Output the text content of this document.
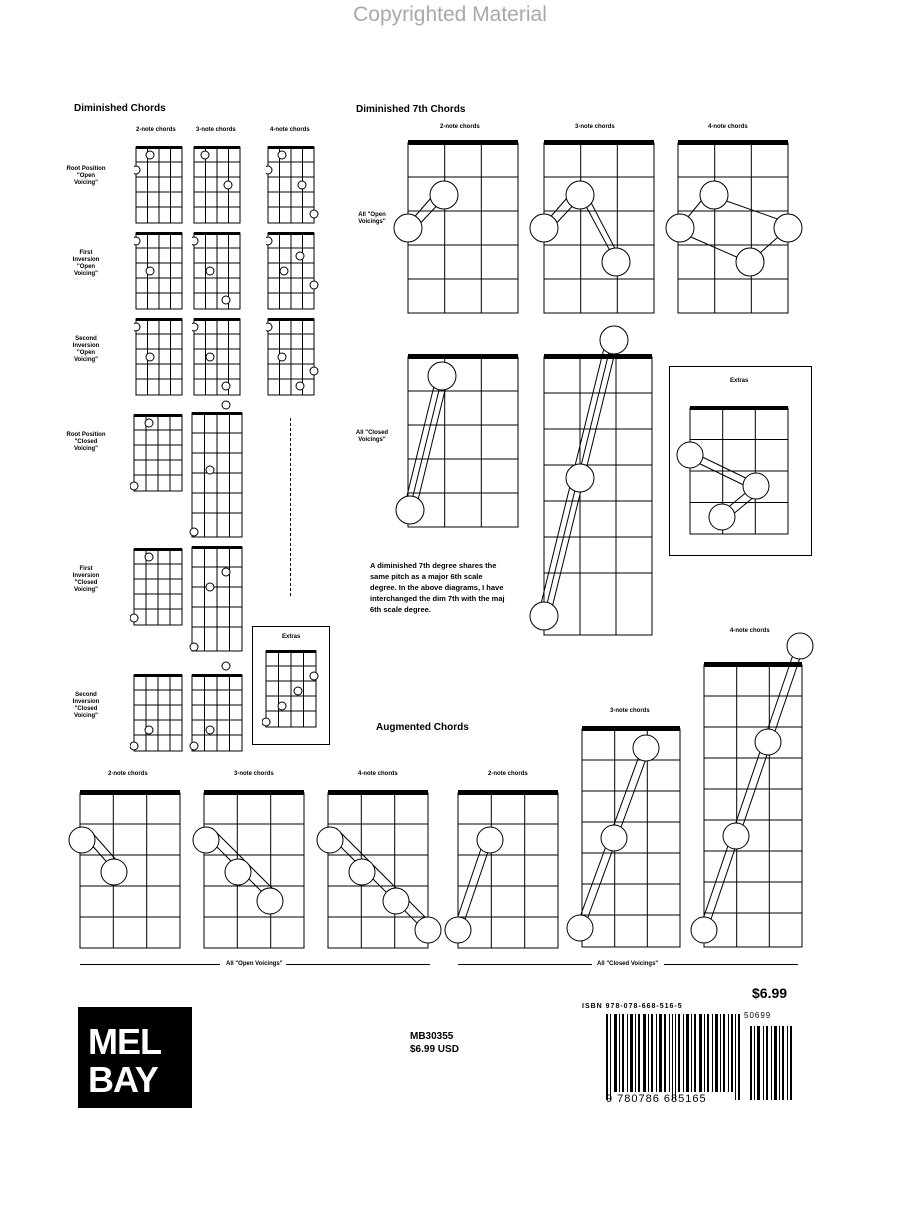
Copyrighted Material
Diminished Chords
2-note chords	3-note chords	4-note chords
Root Position "Open Voicing"
First Inversion "Open Voicing"
Second Inversion "Open Voicing"
Root Position "Closed Voicing"
First Inversion "Closed Voicing"
Second Inversion "Closed Voicing"
Extras
Diminished 7th Chords
2-note chords	3-note chords	4-note chords
All "Open Voicings"
All "Closed Voicings"
Extras
A diminished 7th degree shares the same pitch as a major 6th scale degree. In the above diagrams, I have interchanged the dim 7th with the maj 6th scale degree.
Augmented Chords
2-note chords	3-note chords	4-note chords	2-note chords
3-note chords
4-note chords
All "Open Voicings"	All "Closed Voicings"
MEL
BAY
MB30355
$6.99 USD
$6.99
ISBN 978-078-668-516-5
50699
9 780786 685165
